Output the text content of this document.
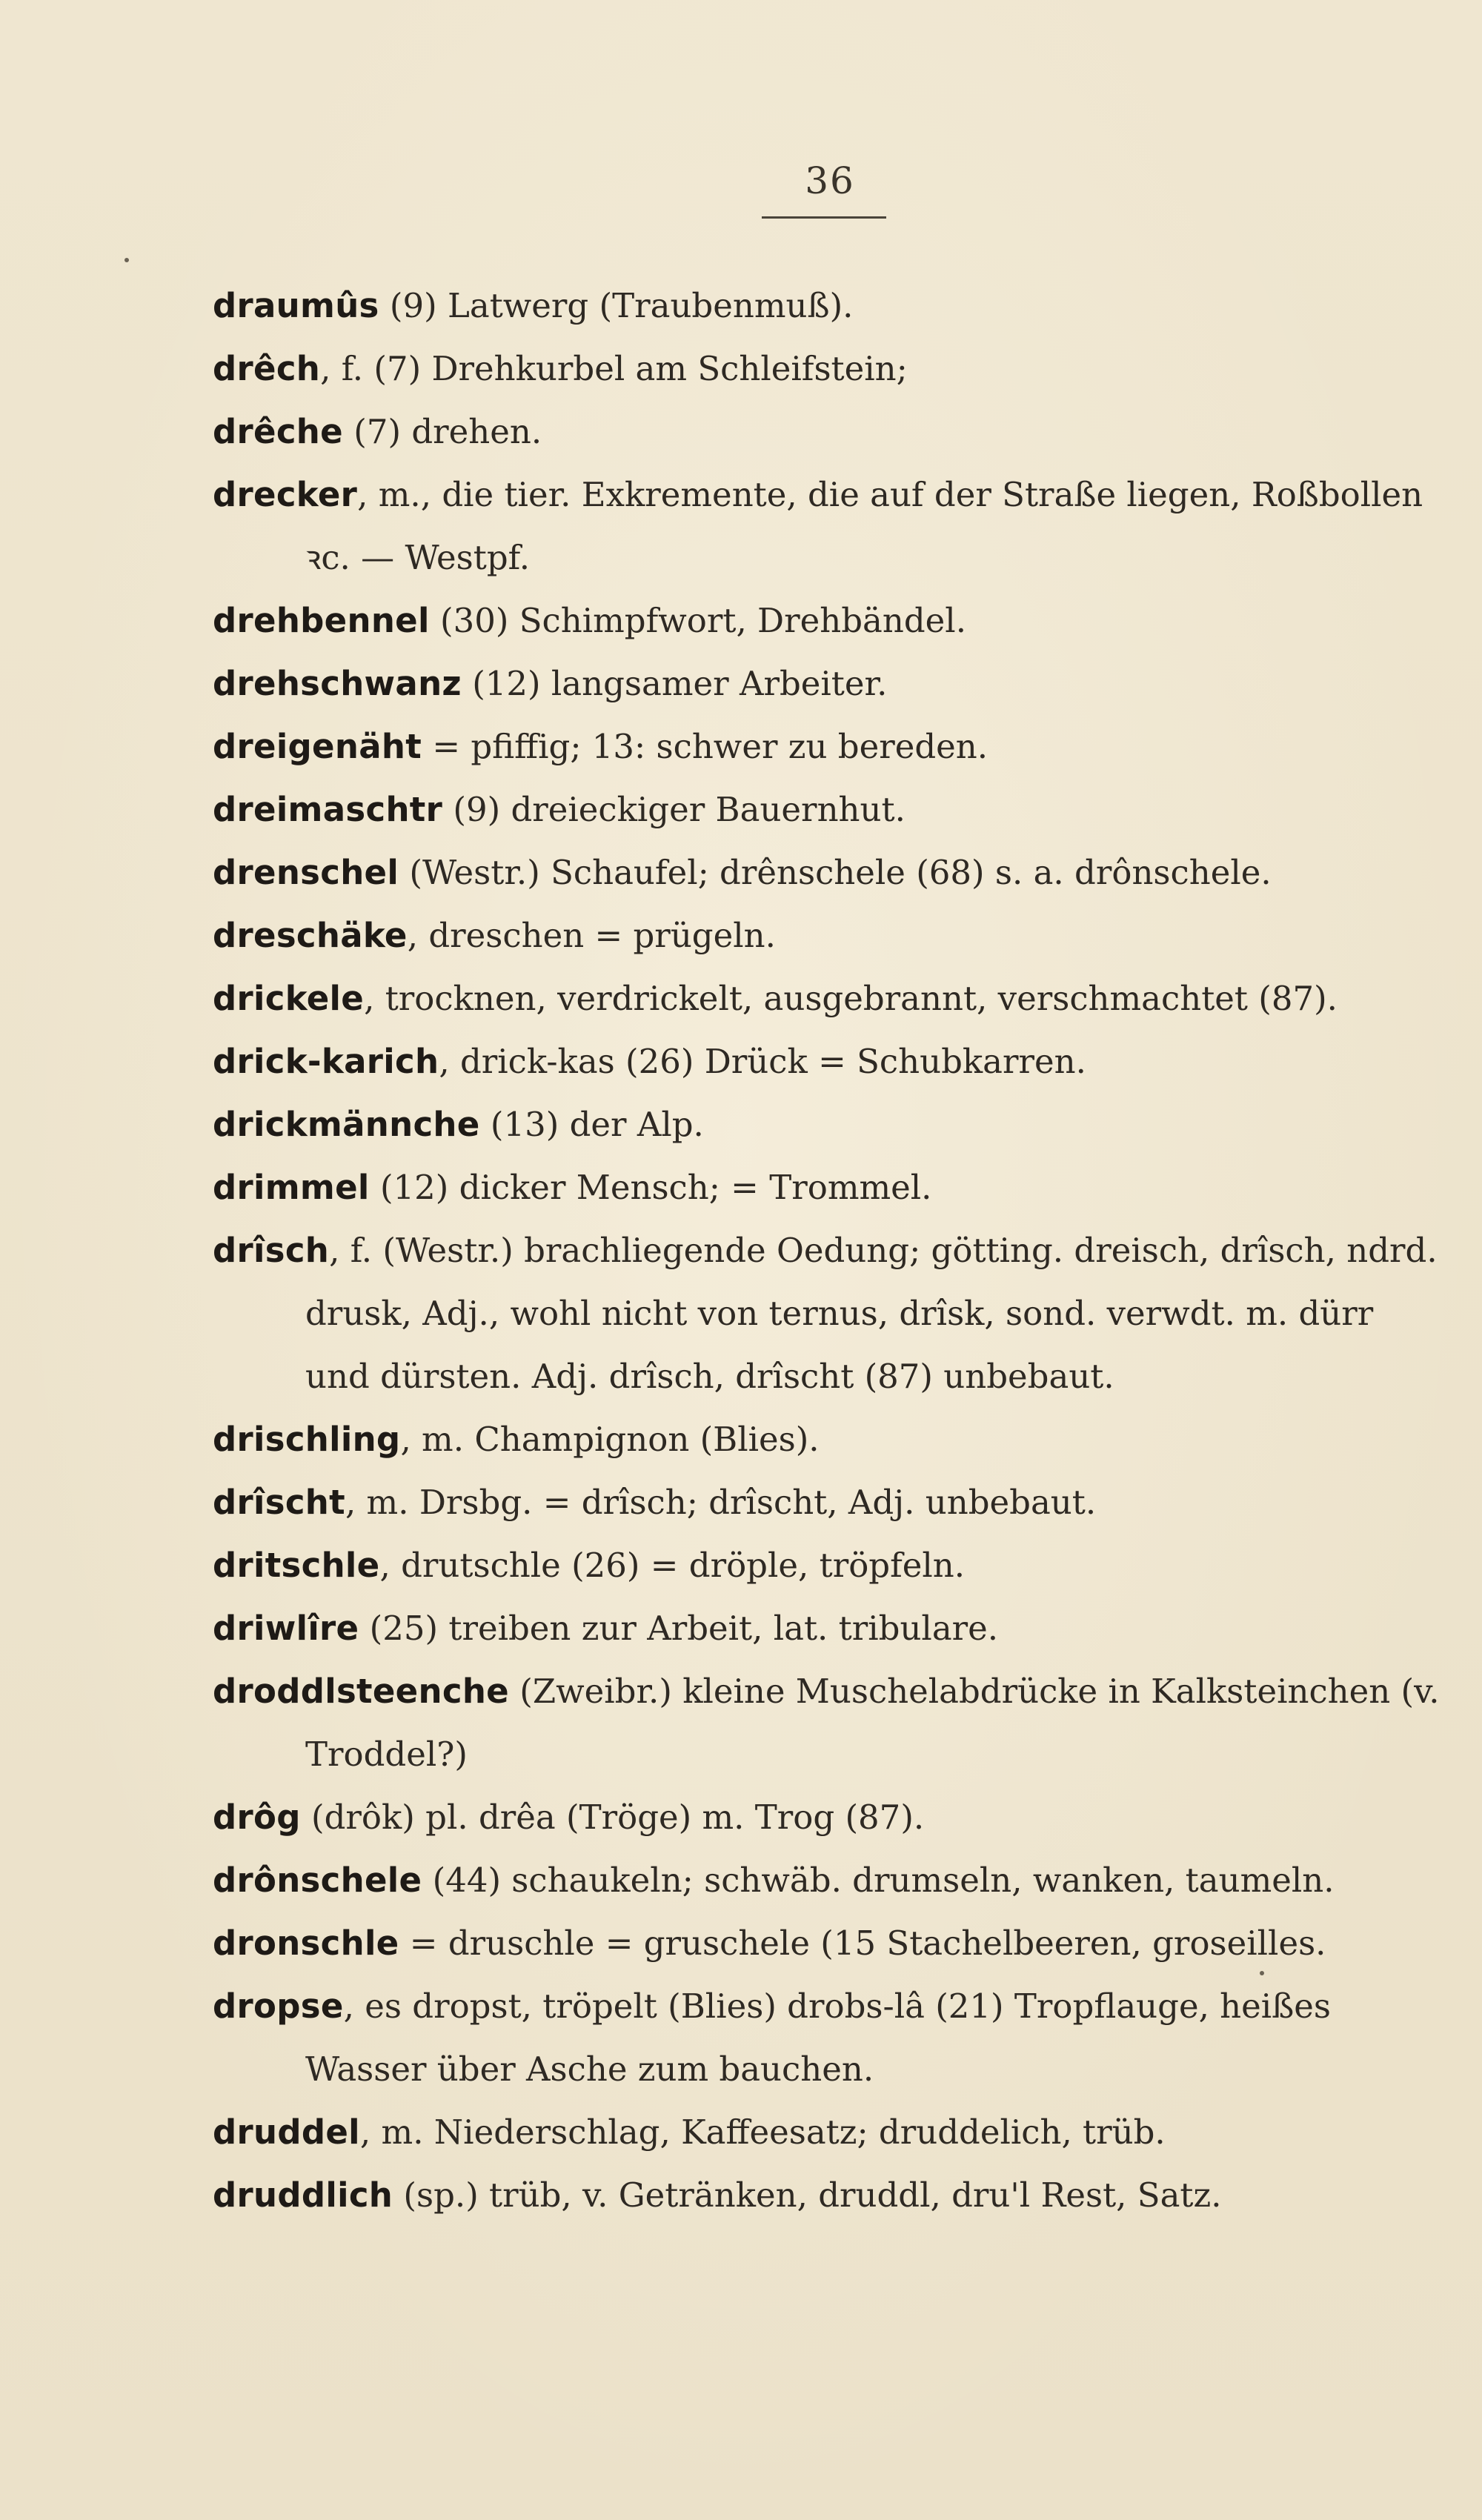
36
draumûs (9) Latwerg (Traubenmuß).
drêch, f. (7) Drehkurbel am Schleifstein;
drêche (7) drehen.
drecker, m., die tier. Exkremente, die auf der Straße liegen, Roßbollen ꝛc. — Westpf.
drehbennel (30) Schimpfwort, Drehbändel.
drehschwanz (12) langsamer Arbeiter.
dreigenäht = pfiffig; 13: schwer zu bereden.
dreimaschtr (9) dreieckiger Bauernhut.
drenschel (Westr.) Schaufel; drênschele (68) s. a. drônschele.
dreschäke, dreschen = prügeln.
drickele, trocknen, verdrickelt, ausgebrannt, verschmachtet (87).
drick-karich, drick-kas (26) Drück = Schubkarren.
drickmännche (13) der Alp.
drimmel (12) dicker Mensch; = Trommel.
drîsch, f. (Westr.) brachliegende Oedung; götting. dreisch, drîsch, ndrd. drusk, Adj., wohl nicht von ternus, drîsk, sond. verwdt. m. dürr und dürsten. Adj. drîsch, drîscht (87) unbebaut.
drischling, m. Champignon (Blies).
drîscht, m. Drsbg. = drîsch; drîscht, Adj. unbebaut.
dritschle, drutschle (26) = dröple, tröpfeln.
driwlîre (25) treiben zur Arbeit, lat. tribulare.
droddlsteenche (Zweibr.) kleine Muschelabdrücke in Kalksteinchen (v. Troddel?)
drôg (drôk) pl. drêa (Tröge) m. Trog (87).
drônschele (44) schaukeln; schwäb. drumseln, wanken, taumeln.
dronschle = druschle = gruschele (15 Stachelbeeren, groseilles.
dropse, es dropst, tröpelt (Blies) drobs-lâ (21) Tropflauge, heißes Wasser über Asche zum bauchen.
druddel, m. Niederschlag, Kaffeesatz; druddelich, trüb.
druddlich (sp.) trüb, v. Getränken, druddl, dru'l Rest, Satz.
